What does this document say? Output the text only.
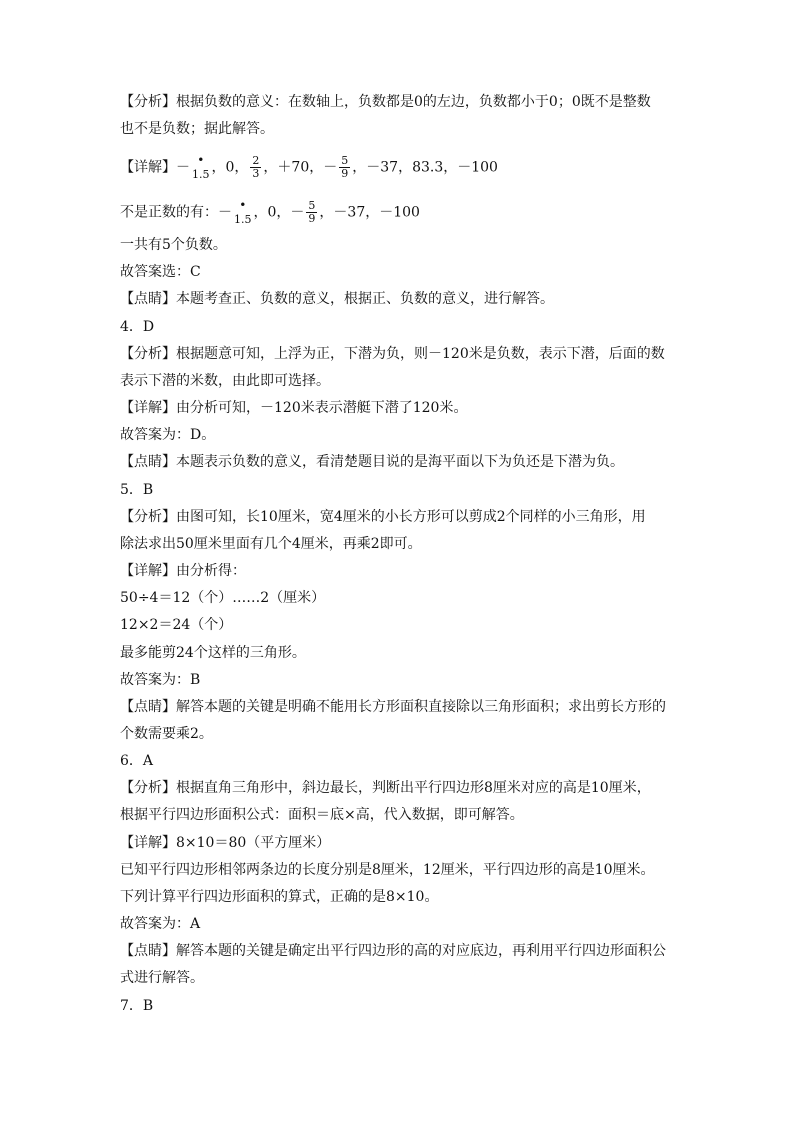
【分析】根据负数的意义：在数轴上，负数都是0的左边，负数都小于0；0既不是整数
也不是负数；据此解答。
【详解】－ •
1.5 ，0， $\frac{2}{3}$ ，＋70，－ $\frac{5}{9}$ ，－37，83.3，－100
不是正数的有：－ •
1.5 ，0，－ $\frac{5}{9}$ ，－37，－100
一共有5个负数。
故答案选：C
【点睛】本题考查正、负数的意义，根据正、负数的意义，进行解答。
4．D
【分析】根据题意可知，上浮为正，下潜为负，则－120米是负数，表示下潜，后面的数
表示下潜的米数，由此即可选择。
【详解】由分析可知，－120米表示潜艇下潜了120米。
故答案为：D。
【点睛】本题表示负数的意义，看清楚题目说的是海平面以下为负还是下潜为负。
5．B
【分析】由图可知，长10厘米，宽4厘米的小长方形可以剪成2个同样的小三角形，用
除法求出50厘米里面有几个4厘米，再乘2即可。
【详解】由分析得：
50÷4＝12（个）……2（厘米）
12×2＝24（个）
最多能剪24个这样的三角形。
故答案为：B
【点睛】解答本题的关键是明确不能用长方形面积直接除以三角形面积；求出剪长方形的
个数需要乘2。
6．A
【分析】根据直角三角形中，斜边最长，判断出平行四边形8厘米对应的高是10厘米，
根据平行四边形面积公式：面积＝底×高，代入数据，即可解答。
【详解】8×10＝80（平方厘米）
已知平行四边形相邻两条边的长度分别是8厘米，12厘米，平行四边形的高是10厘米。
下列计算平行四边形面积的算式，正确的是8×10。
故答案为：A
【点睛】解答本题的关键是确定出平行四边形的高的对应底边，再利用平行四边形面积公
式进行解答。
7．B
